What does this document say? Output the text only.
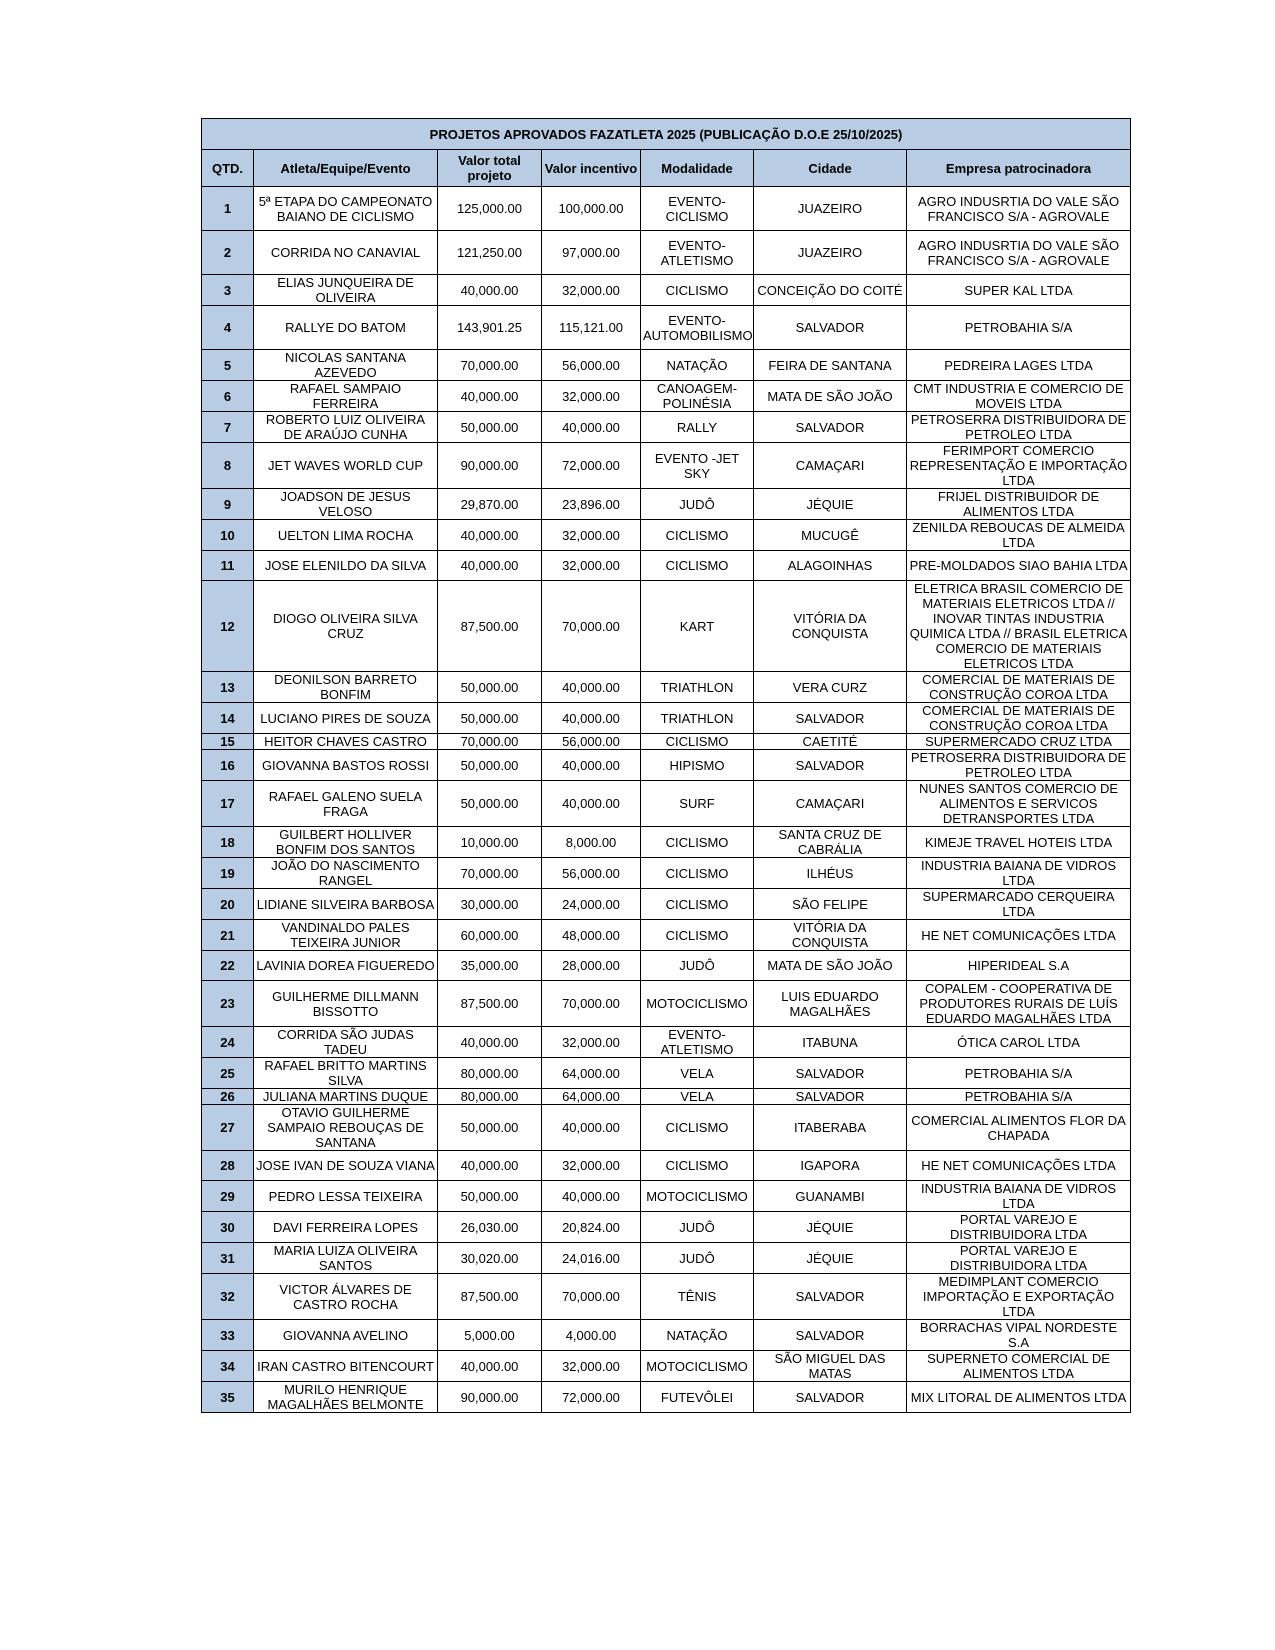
PROJETOS APROVADOS FAZATLETA 2025 (PUBLICAÇÃO D.O.E 25/10/2025)						
QTD.	Atleta/Equipe/Evento	Valor total projeto	Valor incentivo	Modalidade	Cidade	Empresa patrocinadora
1	5ª ETAPA DO CAMPEONATO BAIANO DE CICLISMO	125,000.00	100,000.00	EVENTO-CICLISMO	JUAZEIRO	AGRO INDUSRTIA DO VALE SÃO FRANCISCO S/A - AGROVALE
2	CORRIDA NO CANAVIAL	121,250.00	97,000.00	EVENTO-ATLETISMO	JUAZEIRO	AGRO INDUSRTIA DO VALE SÃO FRANCISCO S/A - AGROVALE
3	ELIAS JUNQUEIRA DE OLIVEIRA	40,000.00	32,000.00	CICLISMO	CONCEIÇÃO DO COITÉ	SUPER KAL LTDA
4	RALLYE DO BATOM	143,901.25	115,121.00	EVENTO-AUTOMOBILISMO	SALVADOR	PETROBAHIA S/A
5	NICOLAS SANTANA AZEVEDO	70,000.00	56,000.00	NATAÇÃO	FEIRA DE SANTANA	PEDREIRA LAGES LTDA
6	RAFAEL SAMPAIO FERREIRA	40,000.00	32,000.00	CANOAGEM-POLINÉSIA	MATA DE SÃO JOÃO	CMT INDUSTRIA E COMERCIO DE MOVEIS LTDA
7	ROBERTO LUIZ OLIVEIRA DE ARAÚJO CUNHA	50,000.00	40,000.00	RALLY	SALVADOR	PETROSERRA DISTRIBUIDORA DE PETROLEO LTDA
8	JET WAVES WORLD CUP	90,000.00	72,000.00	EVENTO -JET SKY	CAMAÇARI	FERIMPORT COMERCIO REPRESENTAÇÃO E IMPORTAÇÃO LTDA
9	JOADSON DE JESUS VELOSO	29,870.00	23,896.00	JUDÔ	JÉQUIE	FRIJEL DISTRIBUIDOR DE ALIMENTOS LTDA
10	UELTON LIMA ROCHA	40,000.00	32,000.00	CICLISMO	MUCUGÊ	ZENILDA REBOUCAS DE ALMEIDA LTDA
11	JOSE ELENILDO DA SILVA	40,000.00	32,000.00	CICLISMO	ALAGOINHAS	PRE-MOLDADOS SIAO BAHIA LTDA
12	DIOGO OLIVEIRA SILVA CRUZ	87,500.00	70,000.00	KART	VITÓRIA DA CONQUISTA	ELETRICA BRASIL COMERCIO DE MATERIAIS ELETRICOS LTDA // INOVAR TINTAS INDUSTRIA QUIMICA LTDA // BRASIL ELETRICA COMERCIO DE MATERIAIS ELETRICOS LTDA
13	DEONILSON BARRETO BONFIM	50,000.00	40,000.00	TRIATHLON	VERA CURZ	COMERCIAL DE MATERIAIS DE CONSTRUÇÃO COROA LTDA
14	LUCIANO PIRES DE SOUZA	50,000.00	40,000.00	TRIATHLON	SALVADOR	COMERCIAL DE MATERIAIS DE CONSTRUÇÃO COROA LTDA
15	HEITOR CHAVES CASTRO	70,000.00	56,000.00	CICLISMO	CAETITÉ	SUPERMERCADO CRUZ LTDA
16	GIOVANNA BASTOS ROSSI	50,000.00	40,000.00	HIPISMO	SALVADOR	PETROSERRA DISTRIBUIDORA DE PETROLEO LTDA
17	RAFAEL GALENO SUELA FRAGA	50,000.00	40,000.00	SURF	CAMAÇARI	NUNES SANTOS COMERCIO DE ALIMENTOS E SERVICOS DETRANSPORTES LTDA
18	GUILBERT HOLLIVER BONFIM DOS SANTOS	10,000.00	8,000.00	CICLISMO	SANTA CRUZ DE CABRÁLIA	KIMEJE TRAVEL HOTEIS LTDA
19	JOÃO DO NASCIMENTO RANGEL	70,000.00	56,000.00	CICLISMO	ILHÉUS	INDUSTRIA BAIANA DE VIDROS LTDA
20	LIDIANE SILVEIRA BARBOSA	30,000.00	24,000.00	CICLISMO	SÃO FELIPE	SUPERMARCADO CERQUEIRA LTDA
21	VANDINALDO PALES TEIXEIRA JUNIOR	60,000.00	48,000.00	CICLISMO	VITÓRIA DA CONQUISTA	HE NET COMUNICAÇÕES LTDA
22	LAVINIA DOREA FIGUEREDO	35,000.00	28,000.00	JUDÔ	MATA DE SÃO JOÃO	HIPERIDEAL S.A
23	GUILHERME DILLMANN BISSOTTO	87,500.00	70,000.00	MOTOCICLISMO	LUIS EDUARDO MAGALHÃES	COPALEM - COOPERATIVA DE PRODUTORES RURAIS DE LUÍS EDUARDO MAGALHÃES LTDA
24	CORRIDA SÃO JUDAS TADEU	40,000.00	32,000.00	EVENTO-ATLETISMO	ITABUNA	ÓTICA CAROL LTDA
25	RAFAEL BRITTO MARTINS SILVA	80,000.00	64,000.00	VELA	SALVADOR	PETROBAHIA S/A
26	JULIANA MARTINS DUQUE	80,000.00	64,000.00	VELA	SALVADOR	PETROBAHIA S/A
27	OTAVIO GUILHERME SAMPAIO REBOUÇAS DE SANTANA	50,000.00	40,000.00	CICLISMO	ITABERABA	COMERCIAL ALIMENTOS FLOR DA CHAPADA
28	JOSE IVAN DE SOUZA VIANA	40,000.00	32,000.00	CICLISMO	IGAPORA	HE NET COMUNICAÇÕES LTDA
29	PEDRO LESSA TEIXEIRA	50,000.00	40,000.00	MOTOCICLISMO	GUANAMBI	INDUSTRIA BAIANA DE VIDROS LTDA
30	DAVI FERREIRA LOPES	26,030.00	20,824.00	JUDÔ	JÉQUIE	PORTAL VAREJO E DISTRIBUIDORA LTDA
31	MARIA LUIZA OLIVEIRA SANTOS	30,020.00	24,016.00	JUDÔ	JÉQUIE	PORTAL VAREJO E DISTRIBUIDORA LTDA
32	VICTOR ÁLVARES DE CASTRO ROCHA	87,500.00	70,000.00	TÊNIS	SALVADOR	MEDIMPLANT COMERCIO IMPORTAÇÃO E EXPORTAÇÃO LTDA
33	GIOVANNA AVELINO	5,000.00	4,000.00	NATAÇÃO	SALVADOR	BORRACHAS VIPAL NORDESTE S.A
34	IRAN CASTRO BITENCOURT	40,000.00	32,000.00	MOTOCICLISMO	SÃO MIGUEL DAS MATAS	SUPERNETO COMERCIAL DE ALIMENTOS LTDA
35	MURILO HENRIQUE MAGALHÃES BELMONTE	90,000.00	72,000.00	FUTEVÔLEI	SALVADOR	MIX LITORAL DE ALIMENTOS LTDA
